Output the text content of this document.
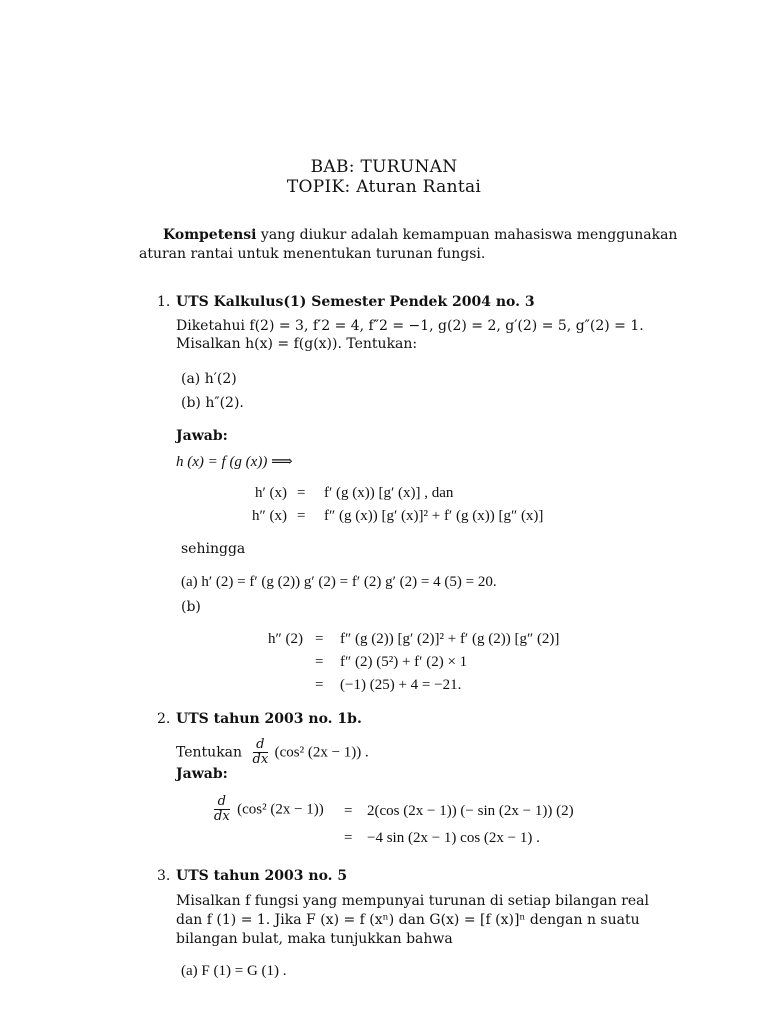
BAB: TURUNAN
TOPIK: Aturan Rantai
Kompetensi yang diukur adalah kemampuan mahasiswa menggunakan
aturan rantai untuk menentukan turunan fungsi.
1. UTS Kalkulus(1) Semester Pendek 2004 no. 3
Diketahui f(2) = 3, f′2 = 4, f″2 = −1, g(2) = 2, g′(2) = 5, g″(2) = 1.
Misalkan h(x) = f(g(x)). Tentukan:
(a) h′(2)
(b) h″(2).
Jawab:
h (x) = f (g (x)) ⟹
h′ (x) = f′ (g (x)) [g′ (x)] , dan
h″ (x) = f″ (g (x)) [g′ (x)]² + f′ (g (x)) [g″ (x)]
sehingga
(a) h′ (2) = f′ (g (2)) g′ (2) = f′ (2) g′ (2) = 4 (5) = 20.
(b)
h″ (2) = f″ (g (2)) [g′ (2)]² + f′ (g (2)) [g″ (2)]
= f″ (2) (5²) + f′ (2) × 1
= (−1) (25) + 4 = −21.
2. UTS tahun 2003 no. 1b.
Tentukan $\frac{d}{dx} (\cos^2$ (2x − 1)) .
Jawab:
$\frac{d}{dx} (\cos^2$ (2x − 1)) = 2(cos (2x − 1)) (− sin (2x − 1)) (2)
= −4 sin (2x − 1) cos (2x − 1) .
3. UTS tahun 2003 no. 5
Misalkan f fungsi yang mempunyai turunan di setiap bilangan real
dan f (1) = 1. Jika F (x) = f (xⁿ) dan G(x) = [f (x)]ⁿ dengan n suatu
bilangan bulat, maka tunjukkan bahwa
(a) F (1) = G (1) .
